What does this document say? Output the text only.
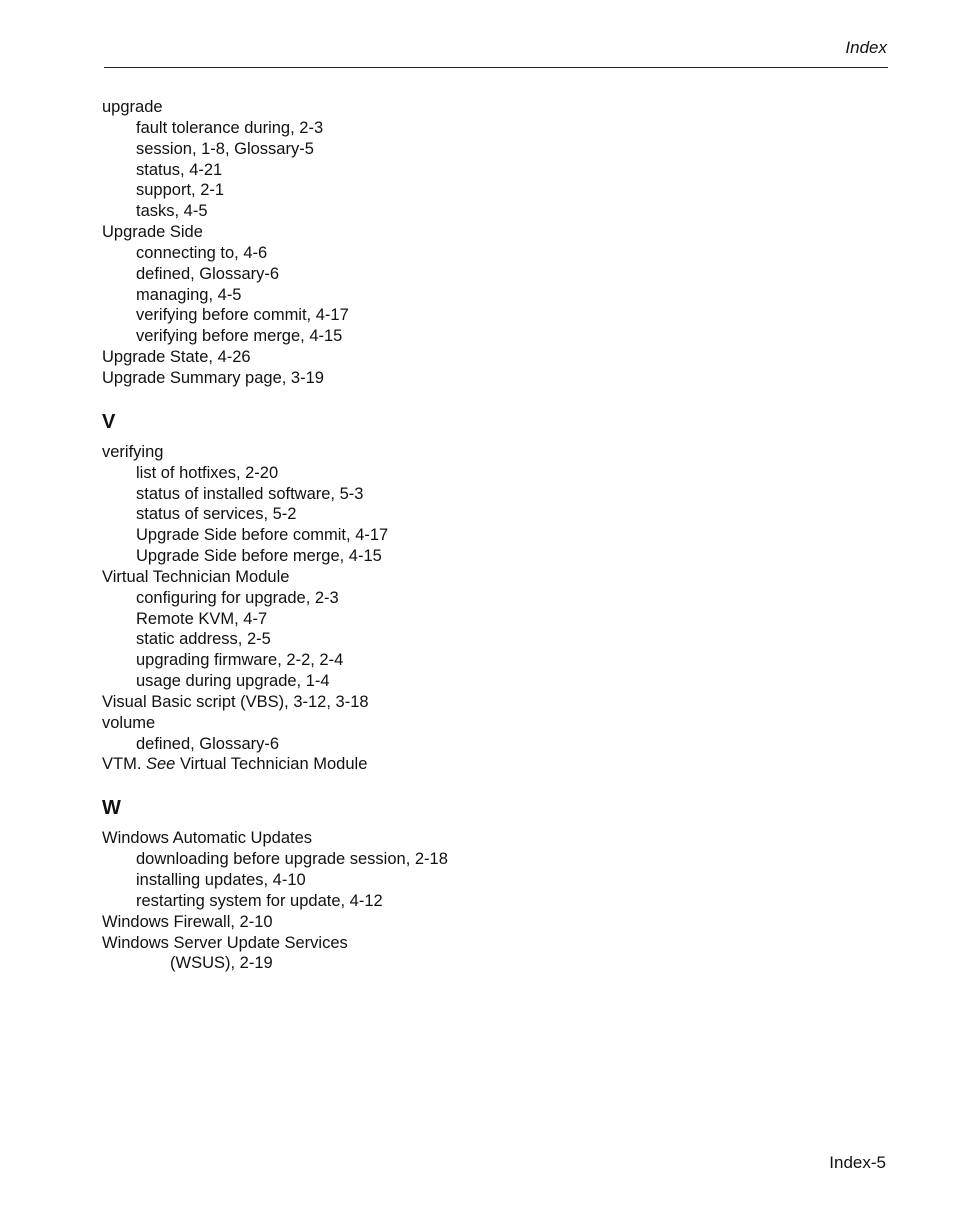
Index
upgrade
fault tolerance during, 2-3
session, 1-8, Glossary-5
status, 4-21
support, 2-1
tasks, 4-5
Upgrade Side
connecting to, 4-6
defined, Glossary-6
managing, 4-5
verifying before commit, 4-17
verifying before merge, 4-15
Upgrade State, 4-26
Upgrade Summary page, 3-19
V
verifying
list of hotfixes, 2-20
status of installed software, 5-3
status of services, 5-2
Upgrade Side before commit, 4-17
Upgrade Side before merge, 4-15
Virtual Technician Module
configuring for upgrade, 2-3
Remote KVM, 4-7
static address, 2-5
upgrading firmware, 2-2, 2-4
usage during upgrade, 1-4
Visual Basic script (VBS), 3-12, 3-18
volume
defined, Glossary-6
VTM. See Virtual Technician Module
W
Windows Automatic Updates
downloading before upgrade session, 2-18
installing updates, 4-10
restarting system for update, 4-12
Windows Firewall, 2-10
Windows Server Update Services
(WSUS), 2-19
Index-5
